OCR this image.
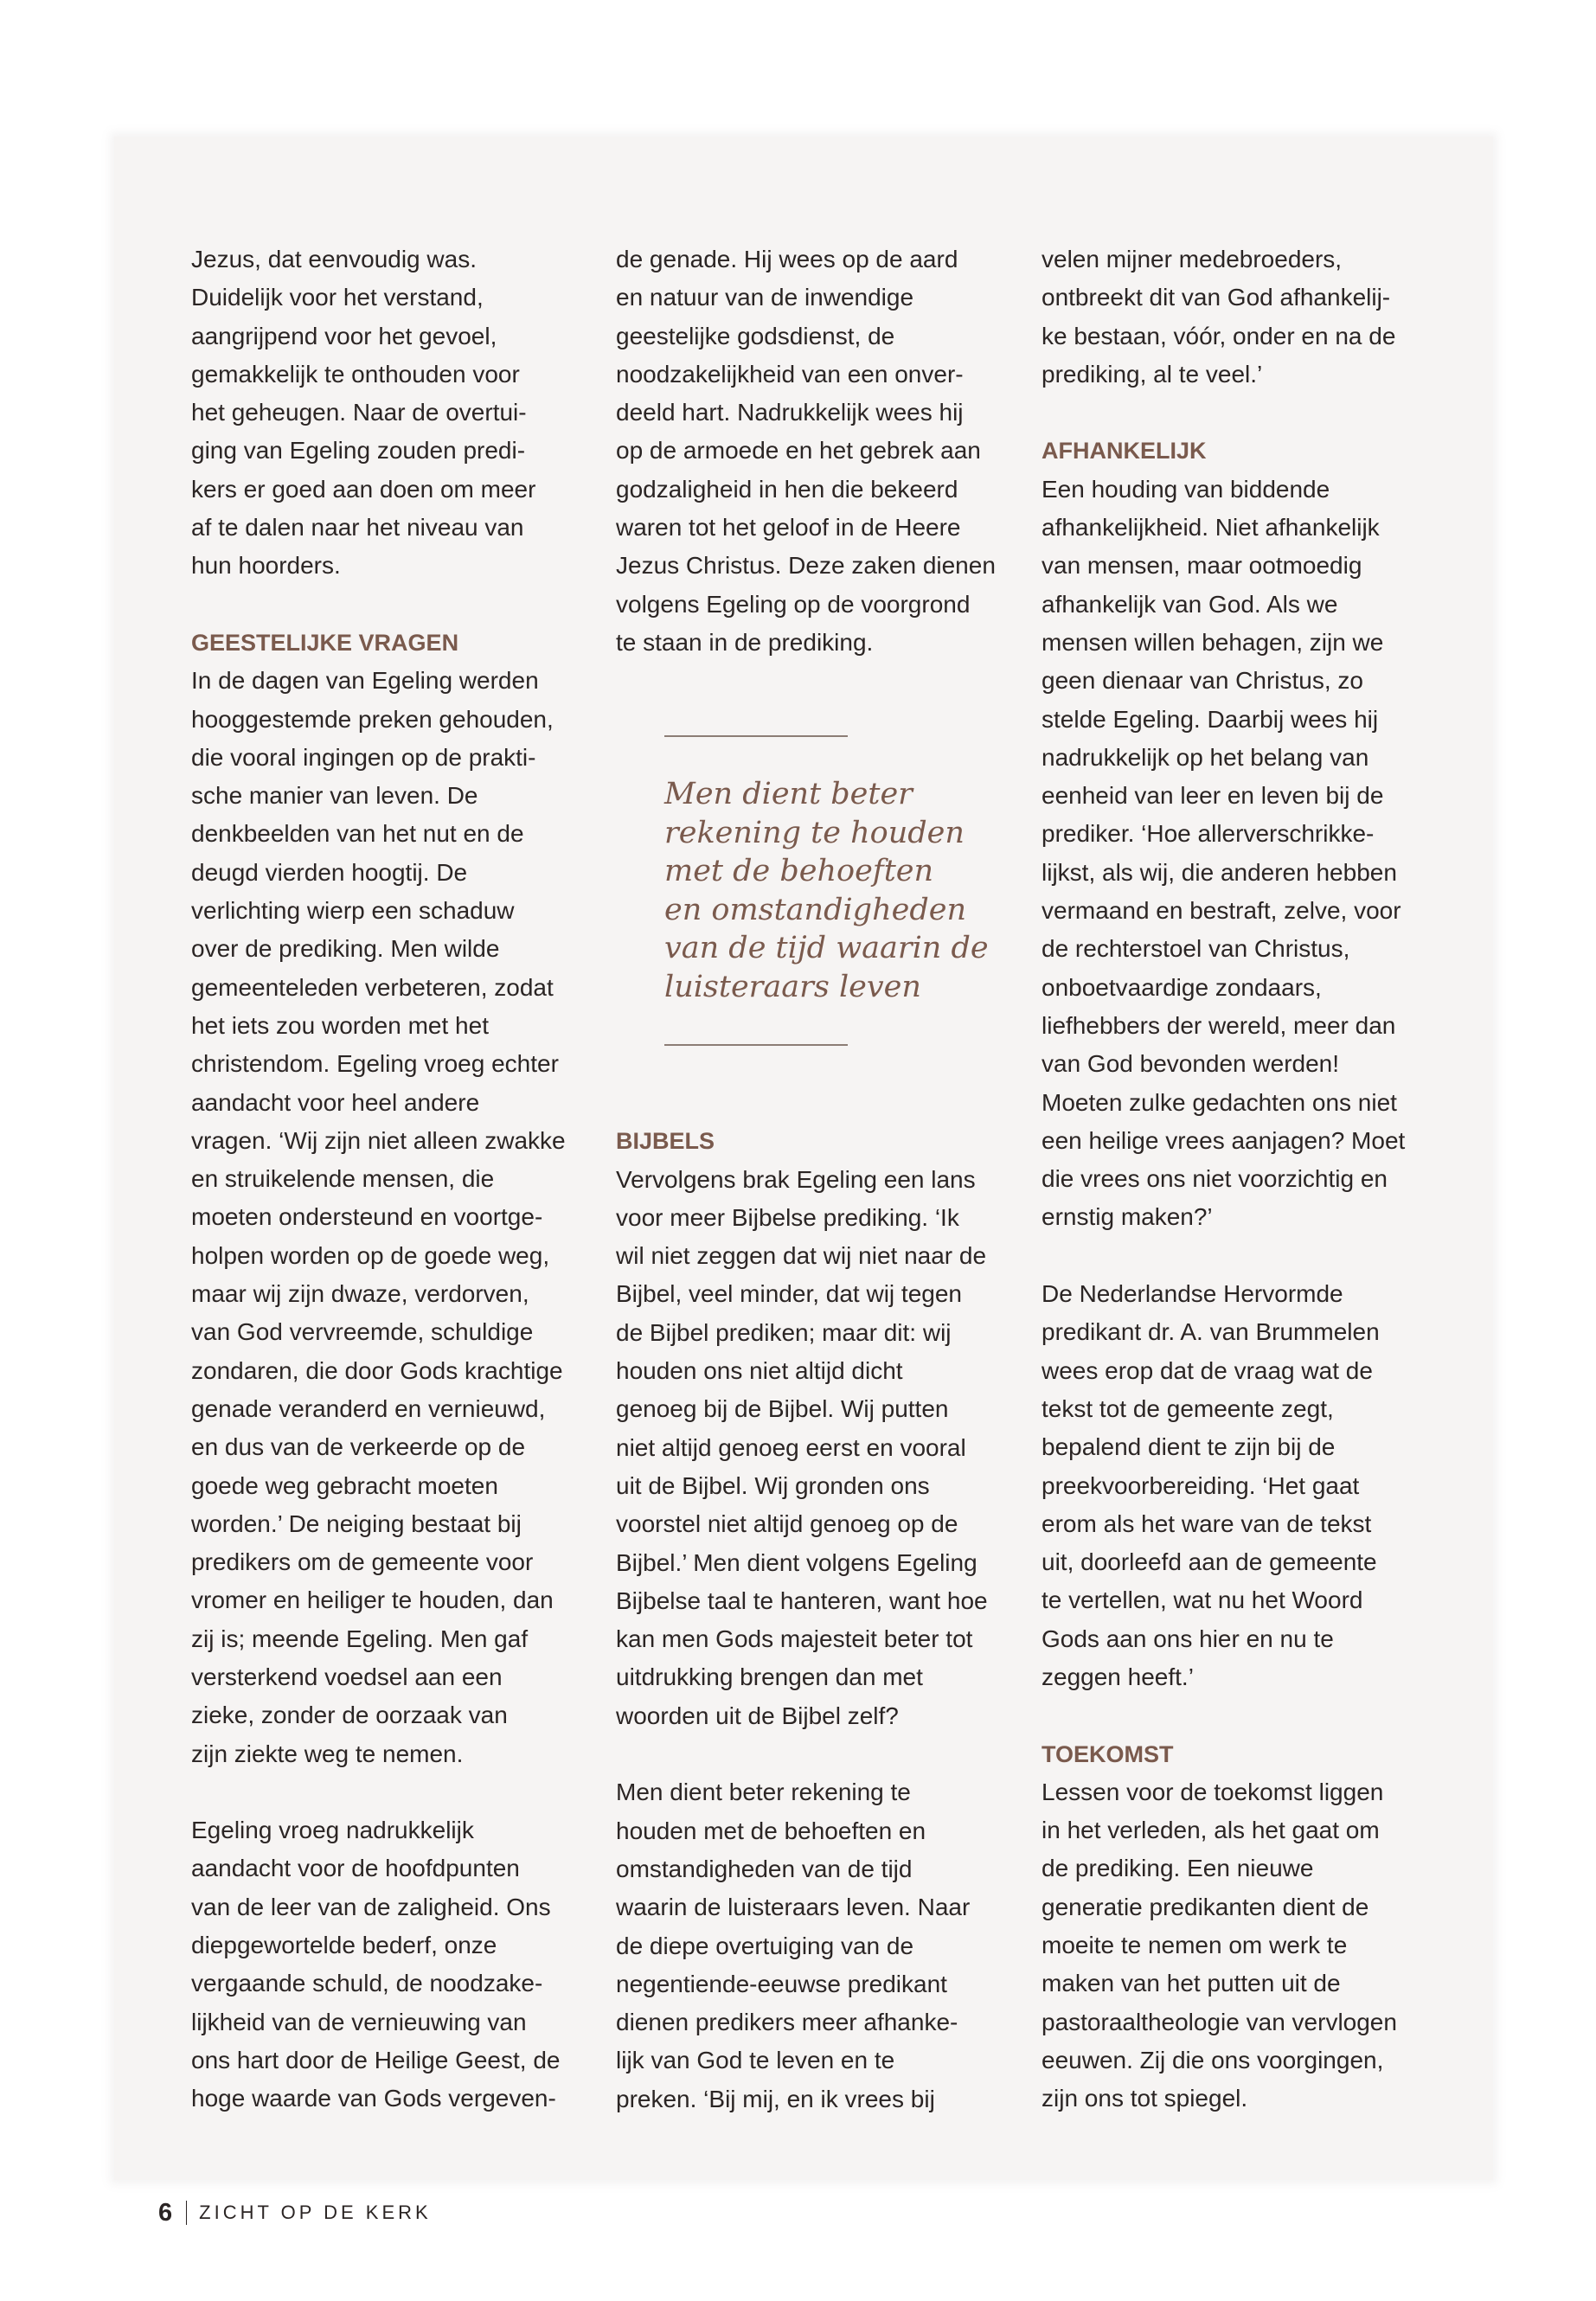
Jezus, dat eenvoudig was.
Duidelijk voor het verstand,
aangrijpend voor het gevoel,
gemakkelijk te onthouden voor
het geheugen. Naar de overtui-
ging van Egeling zouden predi-
kers er goed aan doen om meer
af te dalen naar het niveau van
hun hoorders.
GEESTELIJKE VRAGEN
In de dagen van Egeling werden
hooggestemde preken gehouden,
die vooral ingingen op de prakti-
sche manier van leven. De
denkbeelden van het nut en de
deugd vierden hoogtij. De
verlichting wierp een schaduw
over de prediking. Men wilde
gemeenteleden verbeteren, zodat
het iets zou worden met het
christendom. Egeling vroeg echter
aandacht voor heel andere
vragen. ‘Wij zijn niet alleen zwakke
en struikelende mensen, die
moeten ondersteund en voortge-
holpen worden op de goede weg,
maar wij zijn dwaze, verdorven,
van God vervreemde, schuldige
zondaren, die door Gods krachtige
genade veranderd en vernieuwd,
en dus van de verkeerde op de
goede weg gebracht moeten
worden.’ De neiging bestaat bij
predikers om de gemeente voor
vromer en heiliger te houden, dan
zij is; meende Egeling. Men gaf
versterkend voedsel aan een
zieke, zonder de oorzaak van
zijn ziekte weg te nemen.
Egeling vroeg nadrukkelijk
aandacht voor de hoofdpunten
van de leer van de zaligheid. Ons
diepgewortelde bederf, onze
vergaande schuld, de noodzake-
lijkheid van de vernieuwing van
ons hart door de Heilige Geest, de
hoge waarde van Gods vergeven-
de genade. Hij wees op de aard
en natuur van de inwendige
geestelijke godsdienst, de
noodzakelijkheid van een onver-
deeld hart. Nadrukkelijk wees hij
op de armoede en het gebrek aan
godzaligheid in hen die bekeerd
waren tot het geloof in de Heere
Jezus Christus. Deze zaken dienen
volgens Egeling op de voorgrond
te staan in de prediking.
Men dient beter
rekening te houden
met de behoeften
en omstandigheden
van de tijd waarin de
luisteraars leven
BIJBELS
Vervolgens brak Egeling een lans
voor meer Bijbelse prediking. ‘Ik
wil niet zeggen dat wij niet naar de
Bijbel, veel minder, dat wij tegen
de Bijbel prediken; maar dit: wij
houden ons niet altijd dicht
genoeg bij de Bijbel. Wij putten
niet altijd genoeg eerst en vooral
uit de Bijbel. Wij gronden ons
voorstel niet altijd genoeg op de
Bijbel.’ Men dient volgens Egeling
Bijbelse taal te hanteren, want hoe
kan men Gods majesteit beter tot
uitdrukking brengen dan met
woorden uit de Bijbel zelf?
Men dient beter rekening te
houden met de behoeften en
omstandigheden van de tijd
waarin de luisteraars leven. Naar
de diepe overtuiging van de
negentiende-eeuwse predikant
dienen predikers meer afhanke-
lijk van God te leven en te
preken. ‘Bij mij, en ik vrees bij
velen mijner medebroeders,
ontbreekt dit van God afhankelij-
ke bestaan, vóór, onder en na de
prediking, al te veel.’
AFHANKELIJK
Een houding van biddende
afhankelijkheid. Niet afhankelijk
van mensen, maar ootmoedig
afhankelijk van God. Als we
mensen willen behagen, zijn we
geen dienaar van Christus, zo
stelde Egeling. Daarbij wees hij
nadrukkelijk op het belang van
eenheid van leer en leven bij de
prediker. ‘Hoe allerverschrikke-
lijkst, als wij, die anderen hebben
vermaand en bestraft, zelve, voor
de rechterstoel van Christus,
onboetvaardige zondaars,
liefhebbers der wereld, meer dan
van God bevonden werden!
Moeten zulke gedachten ons niet
een heilige vrees aanjagen? Moet
die vrees ons niet voorzichtig en
ernstig maken?’
De Nederlandse Hervormde
predikant dr. A. van Brummelen
wees erop dat de vraag wat de
tekst tot de gemeente zegt,
bepalend dient te zijn bij de
preekvoorbereiding. ‘Het gaat
erom als het ware van de tekst
uit, doorleefd aan de gemeente
te vertellen, wat nu het Woord
Gods aan ons hier en nu te
zeggen heeft.’
TOEKOMST
Lessen voor de toekomst liggen
in het verleden, als het gaat om
de prediking. Een nieuwe
generatie predikanten dient de
moeite te nemen om werk te
maken van het putten uit de
pastoraaltheologie van vervlogen
eeuwen. Zij die ons voorgingen,
zijn ons tot spiegel.
6 ZICHT OP DE KERK
